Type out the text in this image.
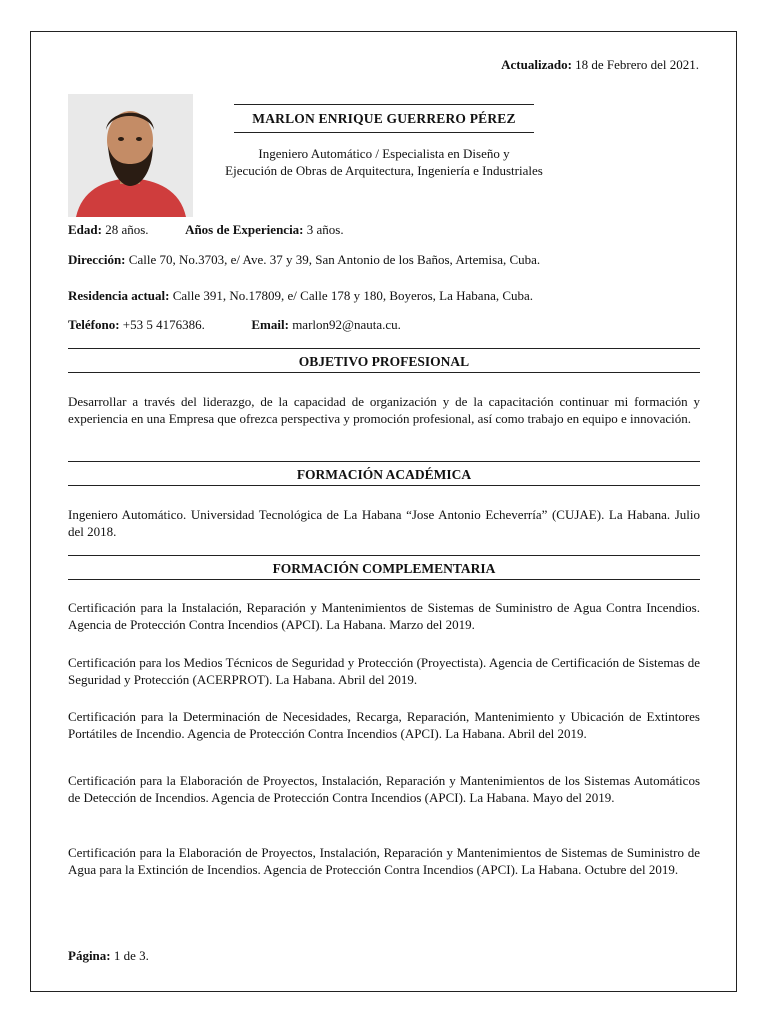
Actualizado: 18 de Febrero del 2021.
MARLON ENRIQUE GUERRERO PÉREZ
Ingeniero Automático / Especialista en Diseño y
Ejecución de Obras de Arquitectura, Ingeniería e Industriales
Edad: 28 años.	Años de Experiencia: 3 años.
Dirección: Calle 70, No.3703, e/ Ave. 37 y 39, San Antonio de los Baños, Artemisa, Cuba.
Residencia actual: Calle 391, No.17809, e/ Calle 178 y 180, Boyeros, La Habana, Cuba.
Teléfono: +53 5 4176386.	Email: marlon92@nauta.cu.
OBJETIVO PROFESIONAL
Desarrollar a través del liderazgo, de la capacidad de organización y de la capacitación continuar mi formación y experiencia en una Empresa que ofrezca perspectiva y promoción profesional, así como trabajo en equipo e innovación.
FORMACIÓN ACADÉMICA
Ingeniero Automático. Universidad Tecnológica de La Habana “Jose Antonio Echeverría” (CUJAE). La Habana. Julio del 2018.
FORMACIÓN COMPLEMENTARIA
Certificación para la Instalación, Reparación y Mantenimientos de Sistemas de Suministro de Agua Contra Incendios. Agencia de Protección Contra Incendios (APCI). La Habana. Marzo del 2019.
Certificación para los Medios Técnicos de Seguridad y Protección (Proyectista). Agencia de Certificación de Sistemas de Seguridad y Protección (ACERPROT). La Habana. Abril del 2019.
Certificación para la Determinación de Necesidades, Recarga, Reparación, Mantenimiento y Ubicación de Extintores Portátiles de Incendio. Agencia de Protección Contra Incendios (APCI). La Habana. Abril del 2019.
Certificación para la Elaboración de Proyectos, Instalación, Reparación y Mantenimientos de los Sistemas Automáticos de Detección de Incendios. Agencia de Protección Contra Incendios (APCI). La Habana. Mayo del 2019.
Certificación para la Elaboración de Proyectos, Instalación, Reparación y Mantenimientos de Sistemas de Suministro de Agua para la Extinción de Incendios. Agencia de Protección Contra Incendios (APCI). La Habana. Octubre del 2019.
Página: 1 de 3.
